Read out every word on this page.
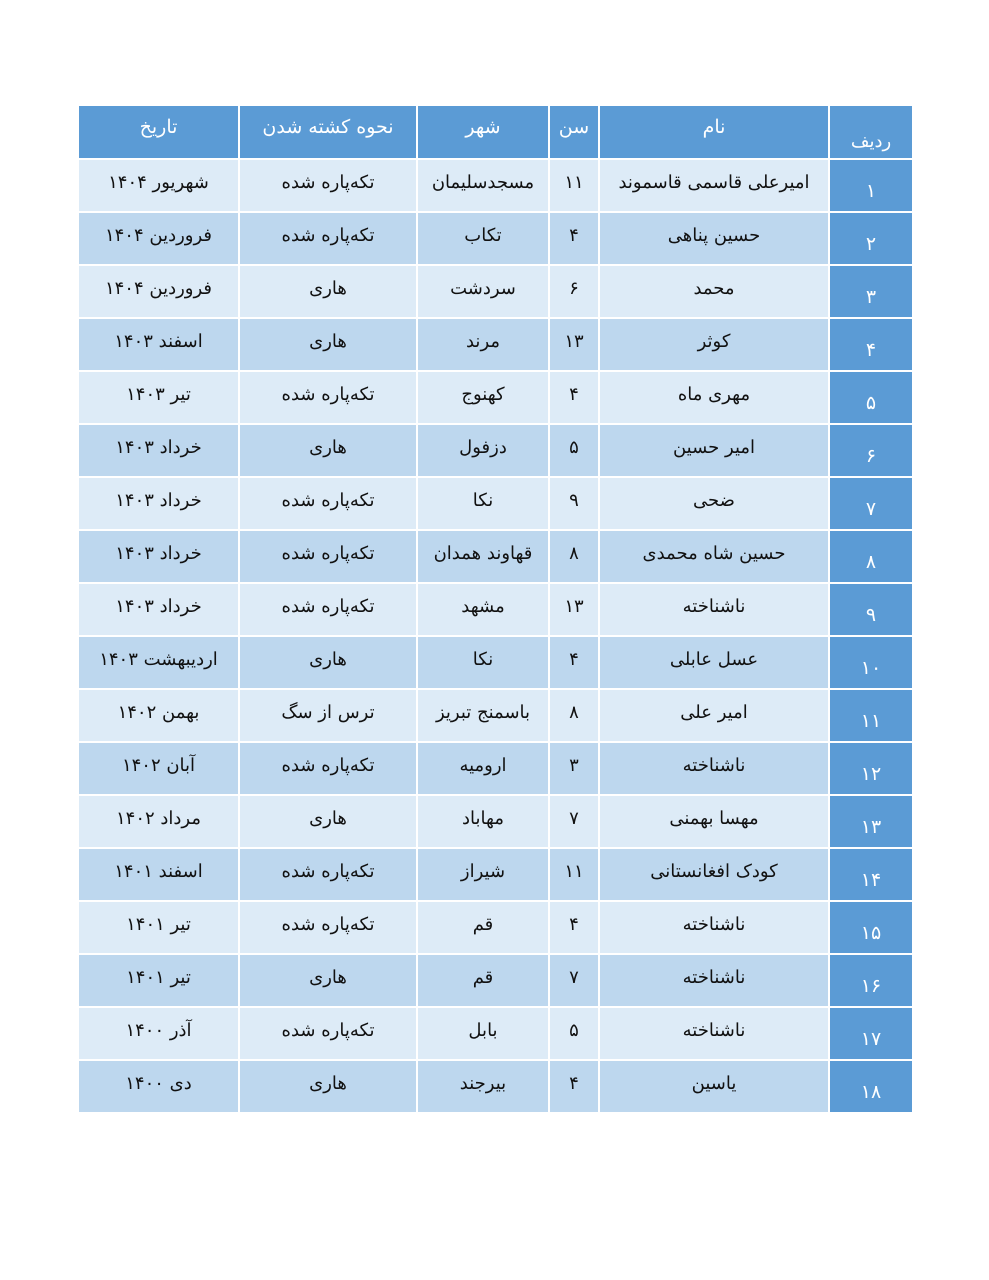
تاریخ	نحوه کشته شدن	شهر	سن	نام	ردیف
شهریور ۱۴۰۴	تکه‌پاره شده	مسجدسلیمان	۱۱	امیرعلی قاسمی قاسموند	۱
فروردین ۱۴۰۴	تکه‌پاره شده	تکاب	۴	حسین پناهی	۲
فروردین ۱۴۰۴	هاری	سردشت	۶	محمد	۳
اسفند ۱۴۰۳	هاری	مرند	۱۳	کوثر	۴
تیر ۱۴۰۳	تکه‌پاره شده	کهنوج	۴	مهری ماه	۵
خرداد ۱۴۰۳	هاری	دزفول	۵	امیر حسین	۶
خرداد ۱۴۰۳	تکه‌پاره شده	نکا	۹	ضحی	۷
خرداد ۱۴۰۳	تکه‌پاره شده	قهاوند همدان	۸	حسین شاه محمدی	۸
خرداد ۱۴۰۳	تکه‌پاره شده	مشهد	۱۳	ناشناخته	۹
اردیبهشت ۱۴۰۳	هاری	نکا	۴	عسل عابلی	۱۰
بهمن ۱۴۰۲	ترس از سگ	باسمنج تبریز	۸	امیر علی	۱۱
آبان ۱۴۰۲	تکه‌پاره شده	ارومیه	۳	ناشناخته	۱۲
مرداد ۱۴۰۲	هاری	مهاباد	۷	مهسا بهمنی	۱۳
اسفند ۱۴۰۱	تکه‌پاره شده	شیراز	۱۱	کودک افغانستانی	۱۴
تیر ۱۴۰۱	تکه‌پاره شده	قم	۴	ناشناخته	۱۵
تیر ۱۴۰۱	هاری	قم	۷	ناشناخته	۱۶
آذر ۱۴۰۰	تکه‌پاره شده	بابل	۵	ناشناخته	۱۷
دی ۱۴۰۰	هاری	بیرجند	۴	یاسین	۱۸
